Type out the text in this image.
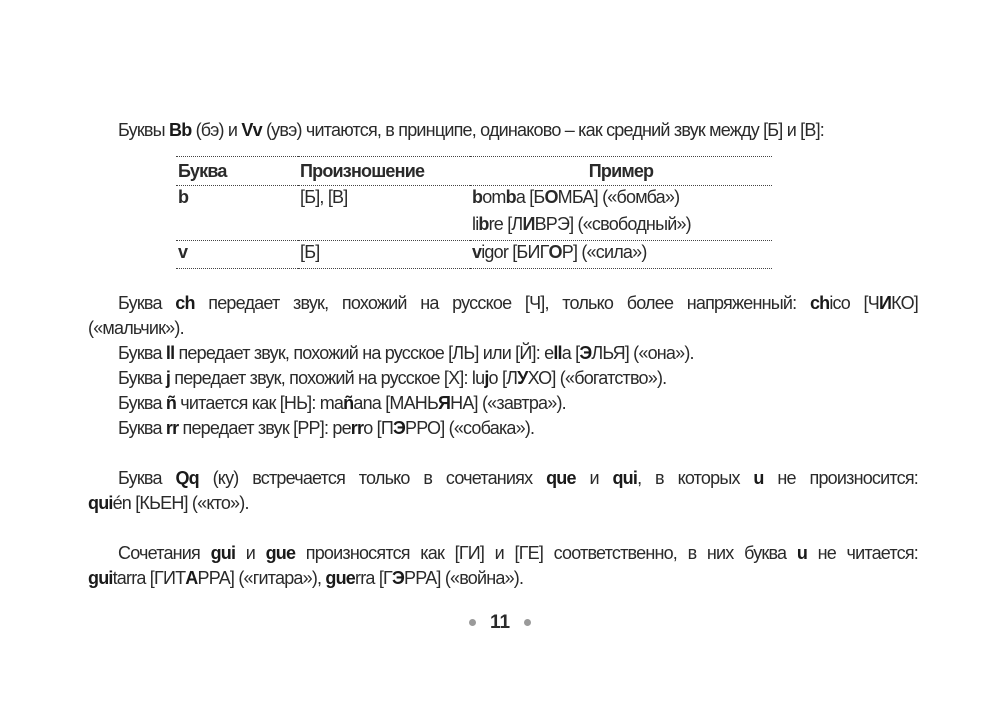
Буквы Bb (бэ) и Vv (увэ) читаются, в принципе, одинаково – как средний звук между [Б] и [В]:
Буква ch передает звук, похожий на русское [Ч], только более напряженный: chico [ЧИКО]
(«мальчик»).
Буква ll передает звук, похожий на русское [ЛЬ] или [Й]: ella [ЭЛЬЯ] («она»).
Буква j передает звук, похожий на русское [Х]: lujo [ЛУХО] («богатство»).
Буква ñ читается как [НЬ]: mañana [МАНЬЯНА] («завтра»).
Буква rr передает звук [РР]: perro [ПЭРРО] («собака»).
Буква Qq (ку) встречается только в сочетаниях que и qui, в которых u не произносится:
quién [КЬЕН] («кто»).
Сочетания gui и gue произносятся как [ГИ] и [ГЕ] соответственно, в них буква u не читается:
guitarra [ГИТАРРА] («гитара»), guerra [ГЭРРА] («война»).
Буква	Произношение	Пример
b	[Б], [В]	bomba [БОМБА] («бомба»)
		libre [ЛИВРЭ] («свободный»)
v	[Б]	vigor [БИГОР] («сила»)
11
